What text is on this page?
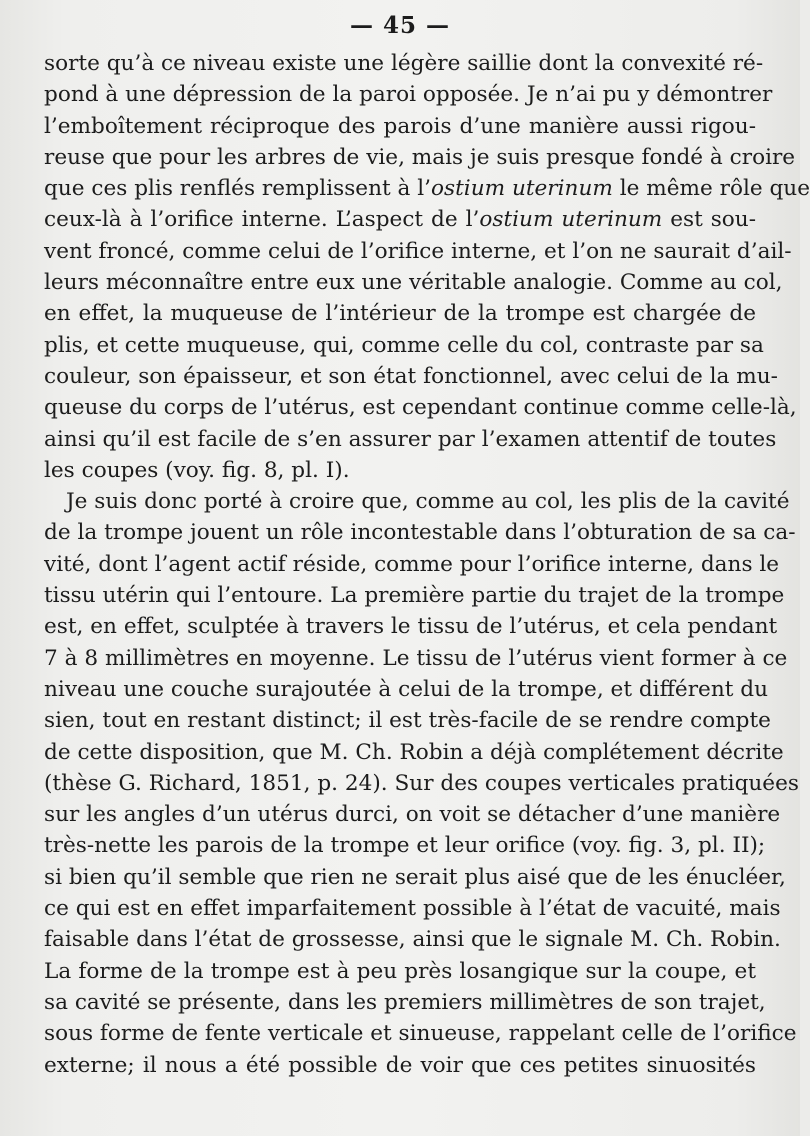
— 45 —

sorte qu’à ce niveau existe une légère saillie dont la convexité ré-
pond à une dépression de la paroi opposée. Je n’ai pu y démontrer
l’emboîtement réciproque des parois d’une manière aussi rigou-
reuse que pour les arbres de vie, mais je suis presque fondé à croire
que ces plis renflés remplissent à l’ostium uterinum le même rôle que
ceux-là à l’orifice interne. L’aspect de l’ostium uterinum est sou-
vent froncé, comme celui de l’orifice interne, et l’on ne saurait d’ail-
leurs méconnaître entre eux une véritable analogie. Comme au col,
en effet, la muqueuse de l’intérieur de la trompe est chargée de
plis, et cette muqueuse, qui, comme celle du col, contraste par sa
couleur, son épaisseur, et son état fonctionnel, avec celui de la mu-
queuse du corps de l’utérus, est cependant continue comme celle-là,
ainsi qu’il est facile de s’en assurer par l’examen attentif de toutes
les coupes (voy. fig. 8, pl. I).

Je suis donc porté à croire que, comme au col, les plis de la cavité
de la trompe jouent un rôle incontestable dans l’obturation de sa ca-
vité, dont l’agent actif réside, comme pour l’orifice interne, dans le
tissu utérin qui l’entoure. La première partie du trajet de la trompe
est, en effet, sculptée à travers le tissu de l’utérus, et cela pendant
7 à 8 millimètres en moyenne. Le tissu de l’utérus vient former à ce
niveau une couche surajoutée à celui de la trompe, et différent du
sien, tout en restant distinct; il est très-facile de se rendre compte
de cette disposition, que M. Ch. Robin a déjà complétement décrite
(thèse G. Richard, 1851, p. 24). Sur des coupes verticales pratiquées
sur les angles d’un utérus durci, on voit se détacher d’une manière
très-nette les parois de la trompe et leur orifice (voy. fig. 3, pl. II);
si bien qu’il semble que rien ne serait plus aisé que de les énucléer,
ce qui est en effet imparfaitement possible à l’état de vacuité, mais
faisable dans l’état de grossesse, ainsi que le signale M. Ch. Robin.
La forme de la trompe est à peu près losangique sur la coupe, et
sa cavité se présente, dans les premiers millimètres de son trajet,
sous forme de fente verticale et sinueuse, rappelant celle de l’orifice
externe; il nous a été possible de voir que ces petites sinuosités
